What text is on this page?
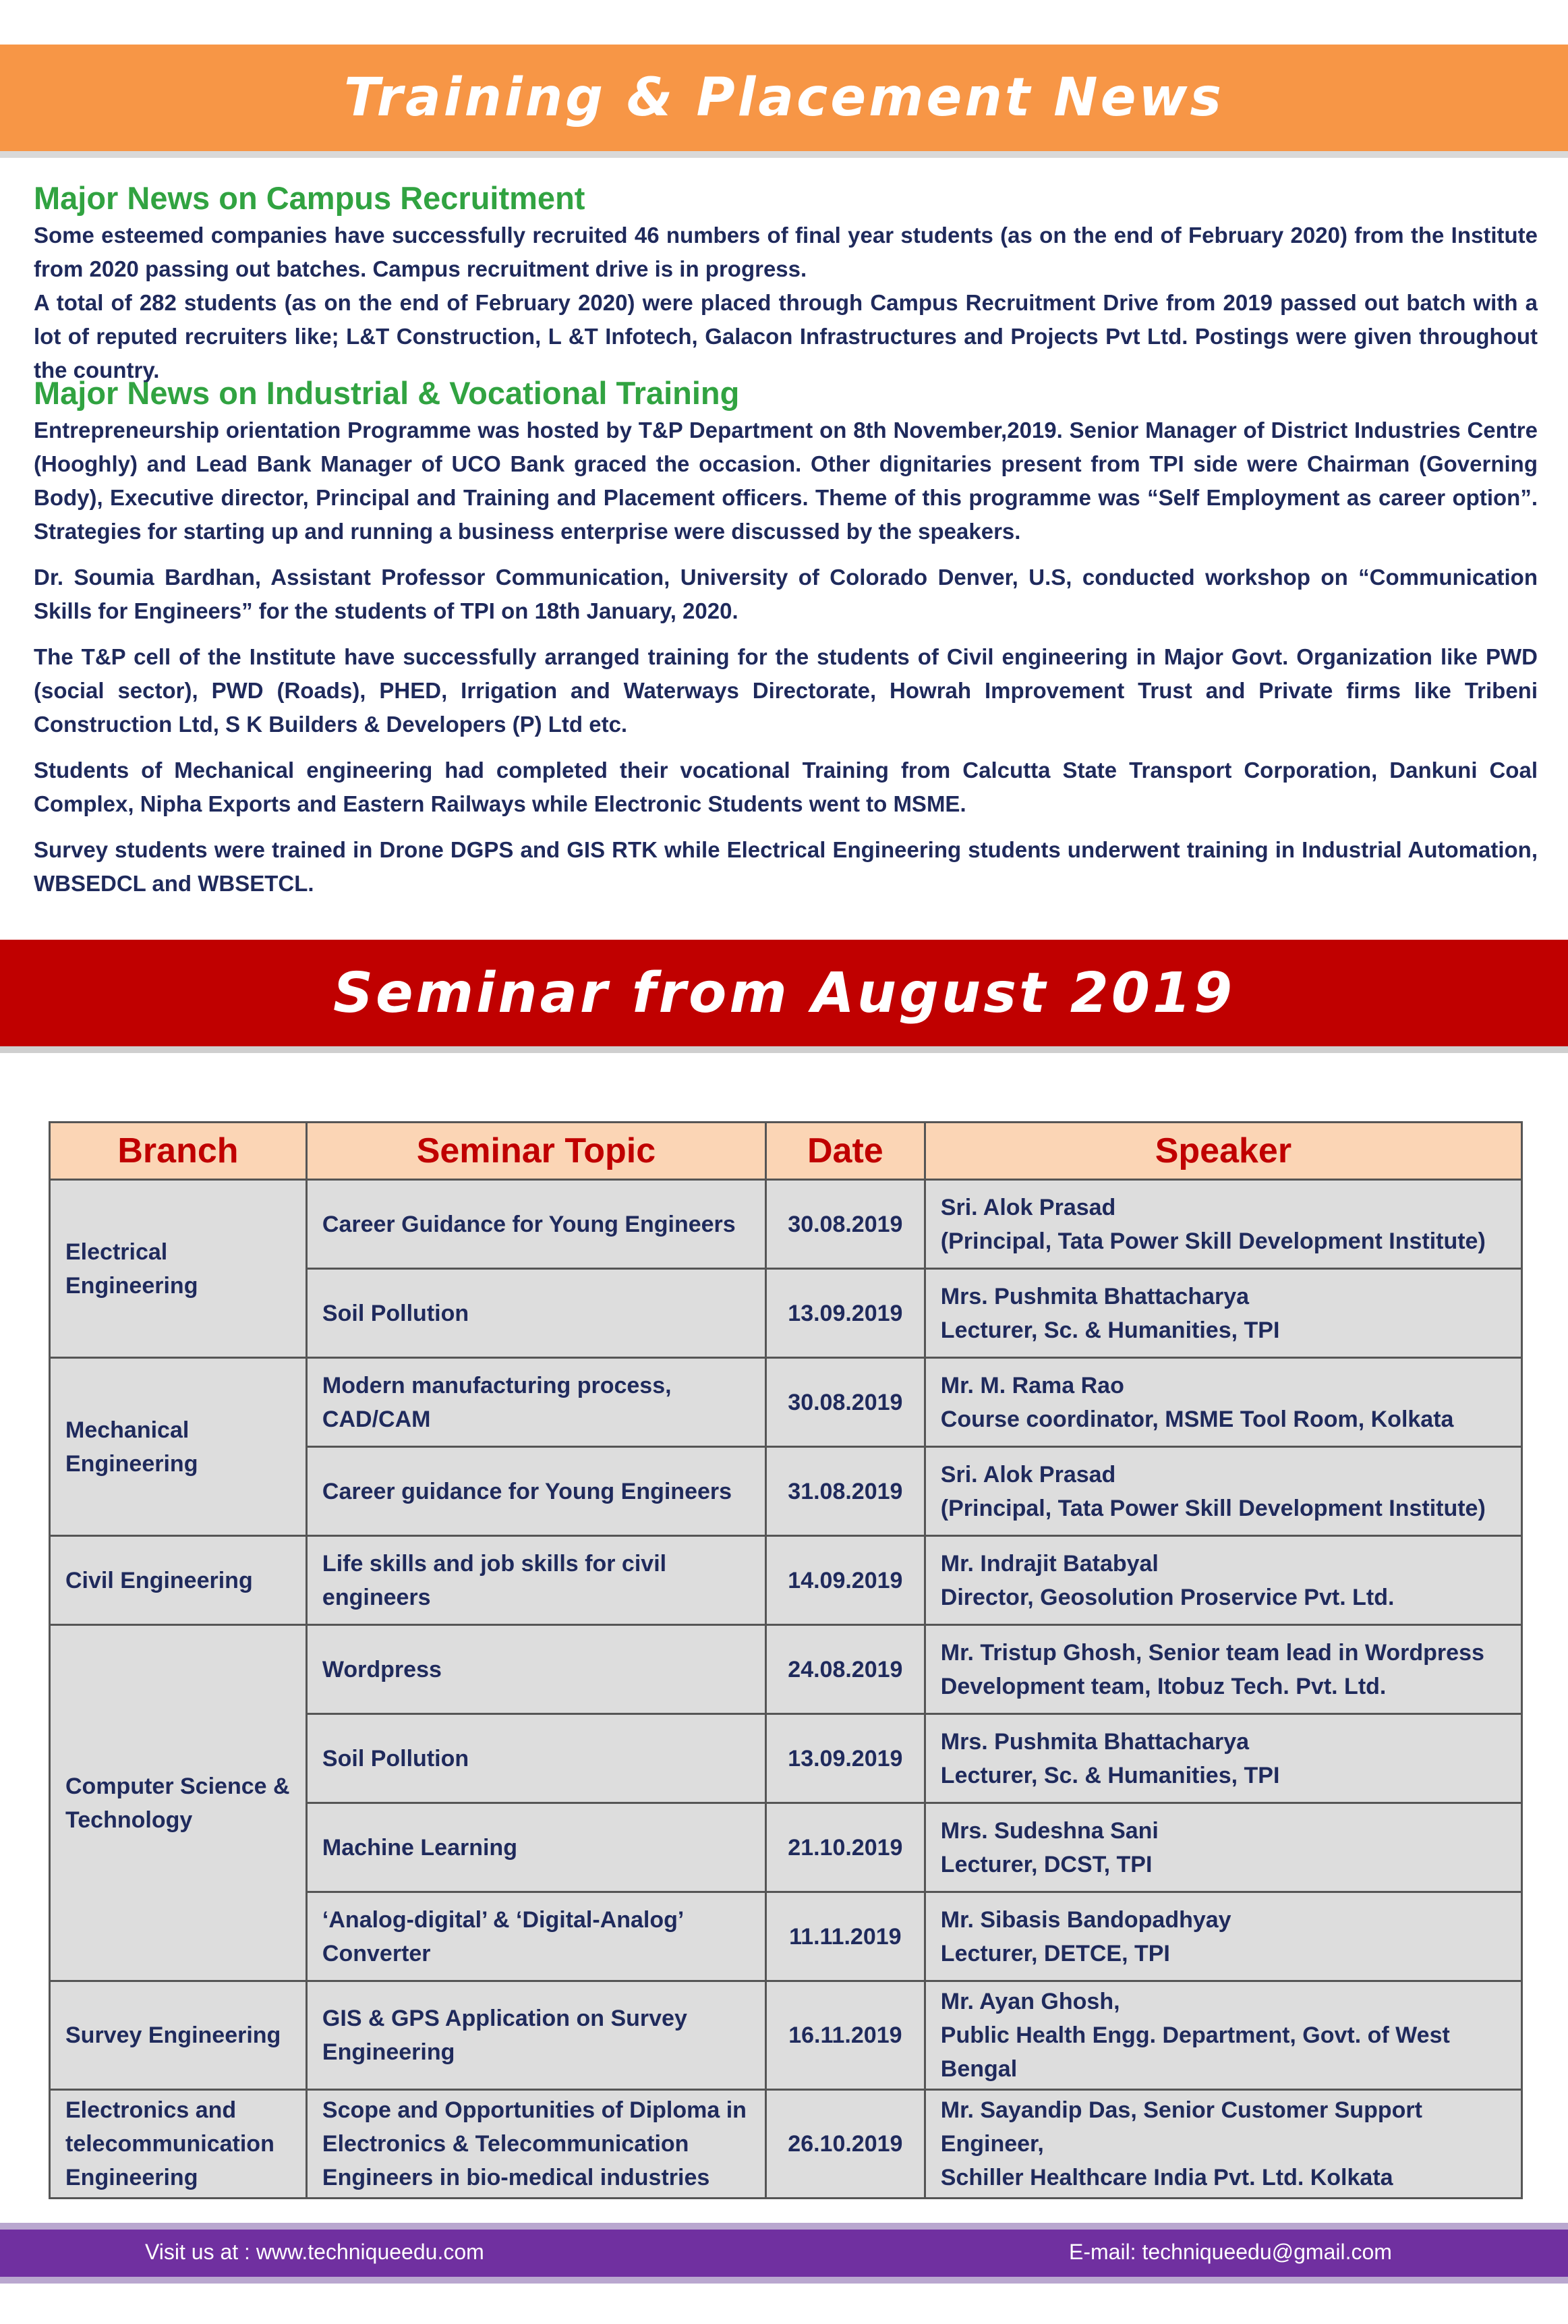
Training & Placement News
Major News on Campus Recruitment

Some esteemed companies have successfully recruited 46 numbers of final year students (as on the end of February 2020) from the Institute from 2020 passing out batches. Campus recruitment drive is in progress.

A total of 282 students (as on the end of February 2020) were placed through Campus Recruitment Drive from 2019 passed out batch with a lot of reputed recruiters like; L&T Construction, L &T Infotech, Galacon Infrastructures and Projects Pvt Ltd. Postings were given throughout the country.

Major News on Industrial & Vocational Training

Entrepreneurship orientation Programme was hosted by T&P Department on 8th November,2019. Senior Manager of District Industries Centre (Hooghly) and Lead Bank Manager of UCO Bank graced the occasion. Other dignitaries present from TPI side were Chairman (Governing Body), Executive director, Principal and Training and Placement officers. Theme of this programme was “Self Employment as career option”. Strategies for starting up and running a business enterprise were discussed by the speakers.

Dr. Soumia Bardhan, Assistant Professor Communication, University of Colorado Denver, U.S, conducted workshop on “Communication Skills for Engineers” for the students of TPI on 18th January, 2020.

The T&P cell of the Institute have successfully arranged training for the students of Civil engineering in Major Govt. Organization like PWD (social sector), PWD (Roads), PHED, Irrigation and Waterways Directorate, Howrah Improvement Trust and Private firms like Tribeni Construction Ltd, S K Builders & Developers (P) Ltd etc.

Students of Mechanical engineering had completed their vocational Training from Calcutta State Transport Corporation, Dankuni Coal Complex, Nipha Exports and Eastern Railways while Electronic Students went to MSME.

Survey students were trained in Drone DGPS and GIS RTK while Electrical Engineering students underwent training in Industrial Automation, WBSEDCL and WBSETCL.

Seminar from August 2019
Branch	Seminar Topic	Date	Speaker
Electrical Engineering	Career Guidance for Young Engineers	30.08.2019	Sri. Alok Prasad
(Principal, Tata Power Skill Development Institute)

	Soil Pollution	13.09.2019	Mrs. Pushmita Bhattacharya
Lecturer, Sc. & Humanities, TPI

Mechanical Engineering	Modern manufacturing process, CAD/CAM	30.08.2019	Mr. M. Rama Rao
Course coordinator, MSME Tool Room, Kolkata

	Career guidance for Young Engineers	31.08.2019	Sri. Alok Prasad
(Principal, Tata Power Skill Development Institute)

Civil Engineering	Life skills and job skills for civil engineers	14.09.2019	Mr. Indrajit Batabyal
Director, Geosolution Proservice Pvt. Ltd.

Computer Science & Technology	Wordpress	24.08.2019	Mr. Tristup Ghosh, Senior team lead in Wordpress
Development team, Itobuz Tech. Pvt. Ltd.

	Soil Pollution	13.09.2019	Mrs. Pushmita Bhattacharya
Lecturer, Sc. & Humanities, TPI

	Machine Learning	21.10.2019	Mrs. Sudeshna Sani
Lecturer, DCST, TPI

	‘Analog-digital’ & ‘Digital-Analog’ Converter	11.11.2019	Mr. Sibasis Bandopadhyay
Lecturer, DETCE, TPI

Survey Engineering	GIS & GPS Application on Survey Engineering	16.11.2019	Mr. Ayan Ghosh,
Public Health Engg. Department, Govt. of West Bengal

Electronics and telecommunication Engineering	Scope and Opportunities of Diploma in Electronics & Telecommunication Engineers in bio-medical industries	26.10.2019	Mr. Sayandip Das, Senior Customer Support Engineer,
Schiller Healthcare India Pvt. Ltd. Kolkata
Visit us at : www.techniqueedu.com	E-mail: techniqueedu@gmail.com
